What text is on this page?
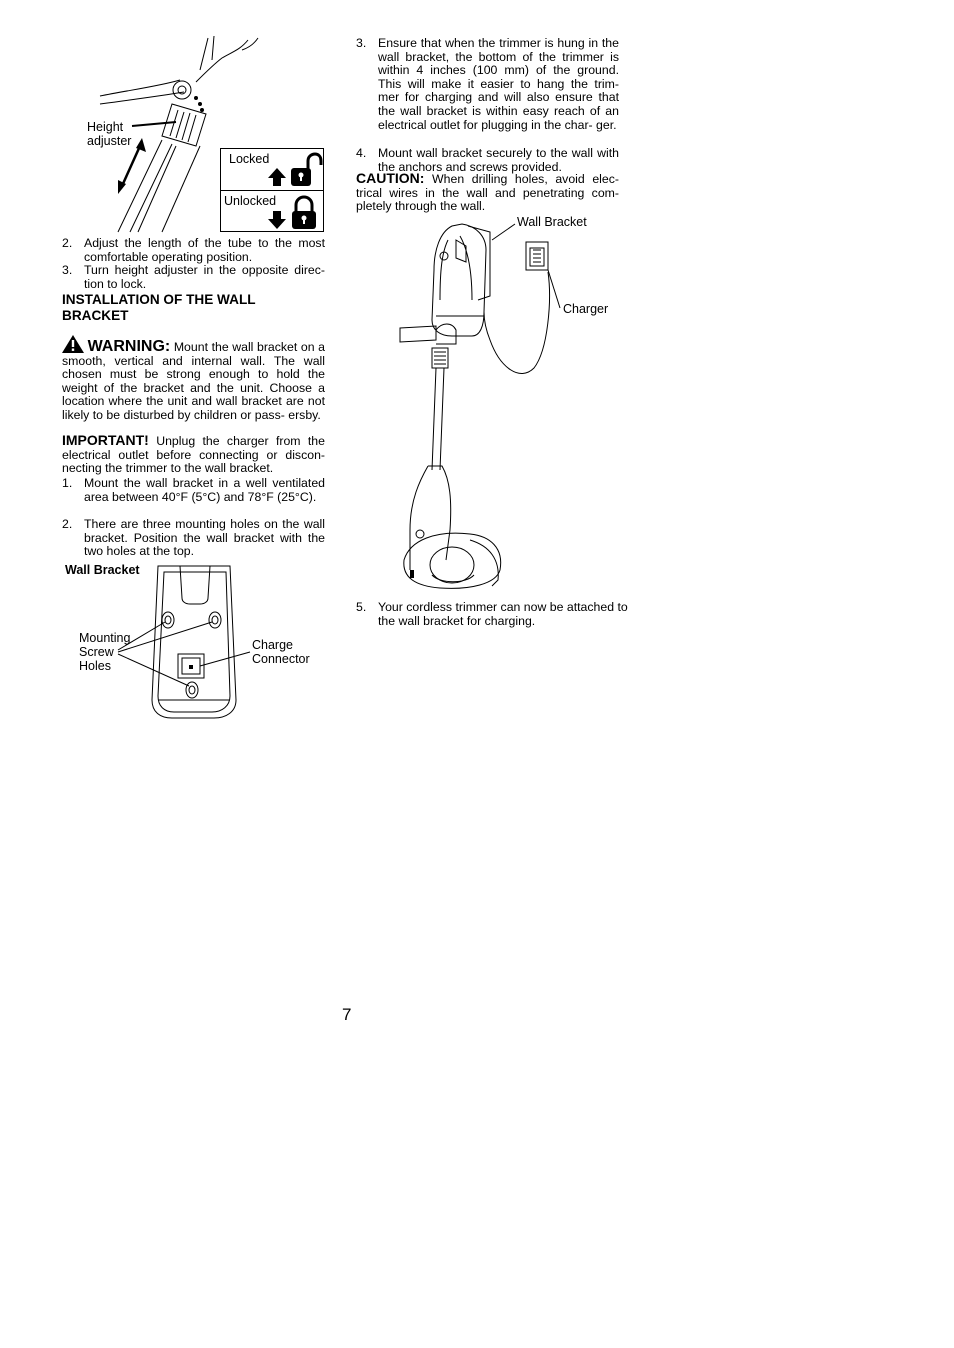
Height
adjuster
Locked
Unlocked
2. Adjust the length of the tube to the most comfortable operating position.
3. Turn height adjuster in the opposite direc- tion to lock.
INSTALLATION OF THE WALL BRACKET
WARNING: Mount the wall bracket on a smooth, vertical and internal wall. The wall chosen must be strong enough to hold the weight of the bracket and the unit. Choose a location where the unit and wall bracket are not likely to be disturbed by children or pass- ersby.
IMPORTANT! Unplug the charger from the electrical outlet before connecting or discon- necting the trimmer to the wall bracket.
1. Mount the wall bracket in a well ventilated area between 40°F (5°C) and 78°F (25°C).
2. There are three mounting holes on the wall bracket. Position the wall bracket with the two holes at the top.
Wall Bracket
Mounting
Screw
Holes
Charge
Connector
3. Ensure that when the trimmer is hung in the wall bracket, the bottom of the trimmer is within 4 inches (100 mm) of the ground. This will make it easier to hang the trim- mer for charging and will also ensure that the wall bracket is within easy reach of an electrical outlet for plugging in the char- ger.
4. Mount wall bracket securely to the wall with the anchors and screws provided.
CAUTION: When drilling holes, avoid elec- trical wires in the wall and penetrating com- pletely through the wall.
Wall Bracket
Charger
5. Your cordless trimmer can now be attached to the wall bracket for charging.
7
